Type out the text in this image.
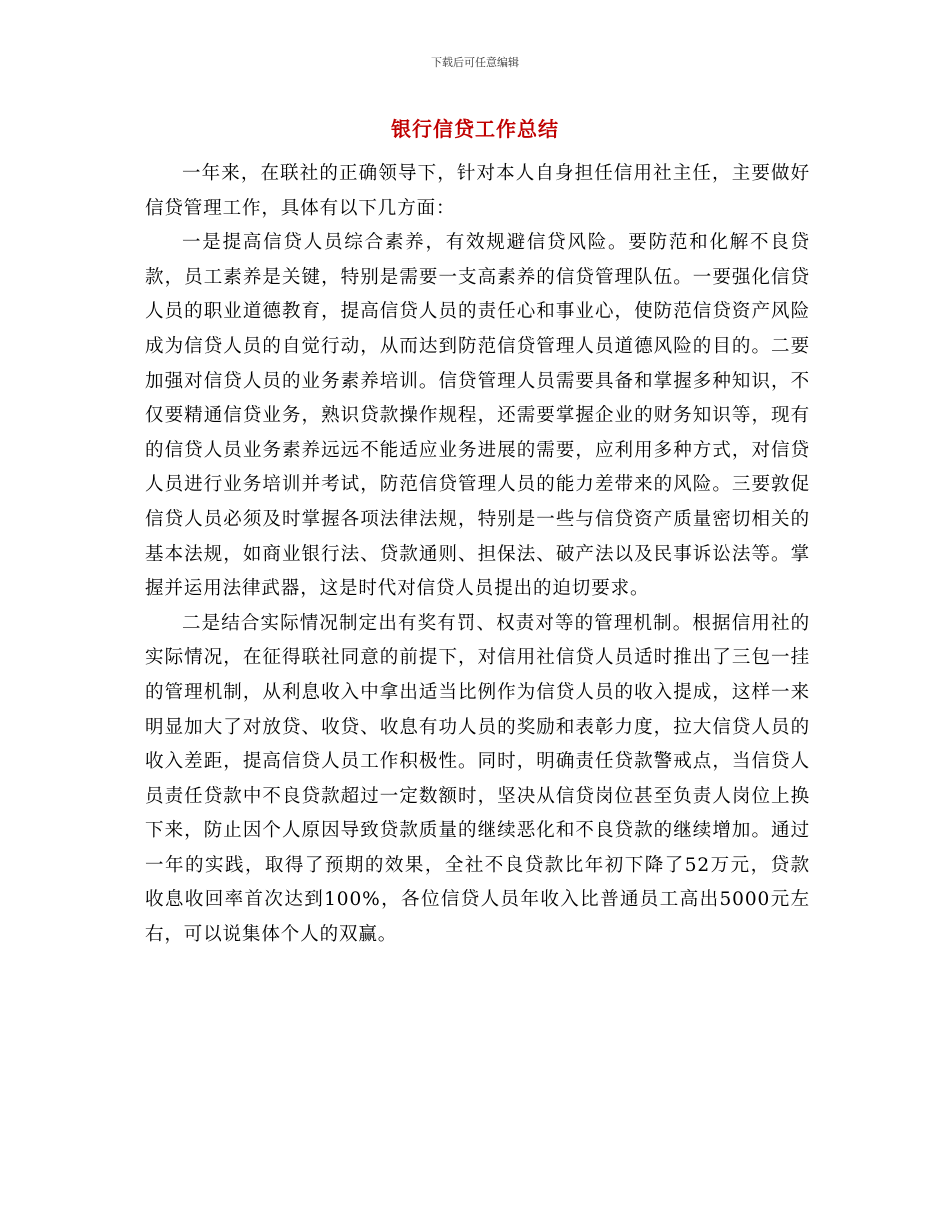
下载后可任意编辑
银行信贷工作总结

一年来，在联社的正确领导下，针对本人自身担任信用社主任，主要做好信贷管理工作，具体有以下几方面：

一是提高信贷人员综合素养，有效规避信贷风险。要防范和化解不良贷款，员工素养是关键，特别是需要一支高素养的信贷管理队伍。一要强化信贷人员的职业道德教育，提高信贷人员的责任心和事业心，使防范信贷资产风险成为信贷人员的自觉行动，从而达到防范信贷管理人员道德风险的目的。二要加强对信贷人员的业务素养培训。信贷管理人员需要具备和掌握多种知识，不仅要精通信贷业务，熟识贷款操作规程，还需要掌握企业的财务知识等，现有的信贷人员业务素养远远不能适应业务进展的需要，应利用多种方式，对信贷人员进行业务培训并考试，防范信贷管理人员的能力差带来的风险。三要敦促信贷人员必须及时掌握各项法律法规，特别是一些与信贷资产质量密切相关的基本法规，如商业银行法、贷款通则、担保法、破产法以及民事诉讼法等。掌握并运用法律武器，这是时代对信贷人员提出的迫切要求。

二是结合实际情况制定出有奖有罚、权责对等的管理机制。根据信用社的实际情况，在征得联社同意的前提下，对信用社信贷人员适时推出了三包一挂的管理机制，从利息收入中拿出适当比例作为信贷人员的收入提成，这样一来明显加大了对放贷、收贷、收息有功人员的奖励和表彰力度，拉大信贷人员的收入差距，提高信贷人员工作积极性。同时，明确责任贷款警戒点，当信贷人员责任贷款中不良贷款超过一定数额时，坚决从信贷岗位甚至负责人岗位上换下来，防止因个人原因导致贷款质量的继续恶化和不良贷款的继续增加。通过一年的实践，取得了预期的效果，全社不良贷款比年初下降了52万元，贷款收息收回率首次达到100%，各位信贷人员年收入比普通员工高出5000元左右，可以说集体个人的双赢。
